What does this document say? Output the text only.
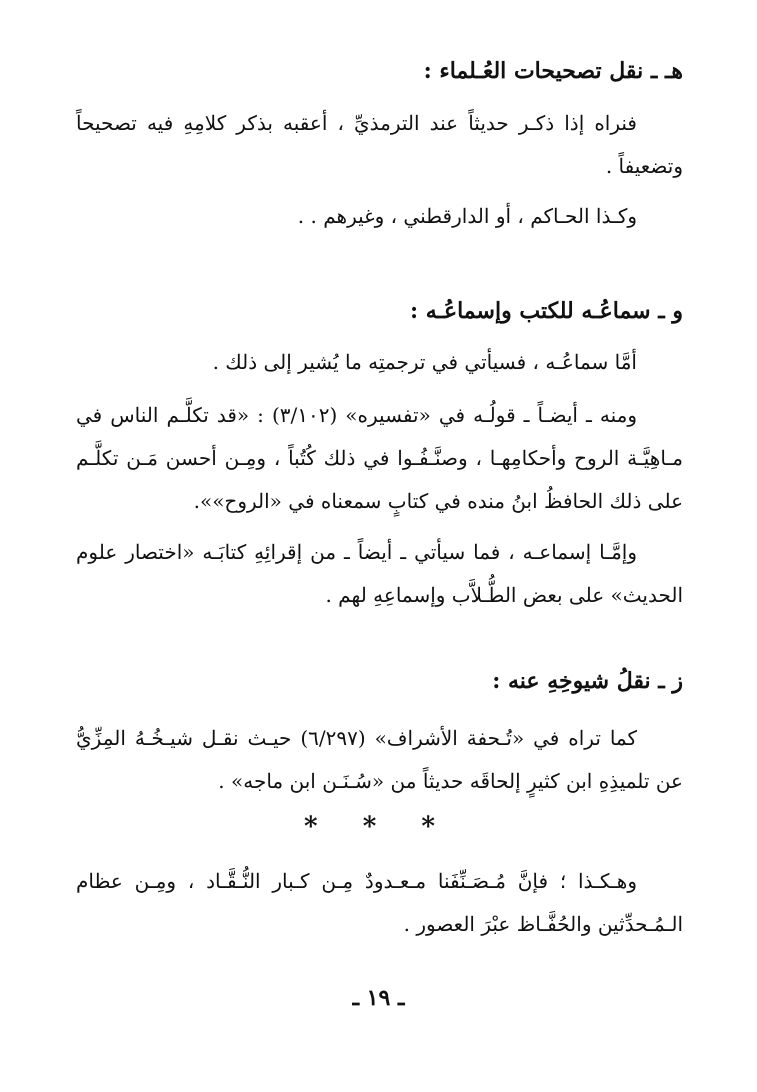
هـ ـ نقل تصحيحات العُـلماء :

فنراه إذا ذكـر حديثاً عند الترمذيِّ ، أعقبه بذكر كلامِهِ فيه تصحيحاً وتضعيفاً .

وكـذا الحـاكم ، أو الدارقطني ، وغيرهم . .

و ـ سماعُـه للكتب وإسماعُـه :

أمَّا سماعُـه ، فسيأتي في ترجمتِه ما يُشير إلى ذلك .

ومنه ـ أيضـاً ـ قولُـه في «تفسيره» (٣/١٠٢) : «قد تكلَّـم الناس في مـاهِيَّـة الروح وأحكامِهـا ، وصنَّـفُـوا في ذلك كُتُباً ، ومِـن أحسن مَـن تكلَّـم على ذلك الحافظُ ابنُ منده في كتابٍ سمعناه في «الروح»».

وإمَّـا إسماعـه ، فما سيأتي ـ أيضاً ـ من إقرائِهِ كتابَـه «اختصار علوم الحديث» على بعض الطُّـلاَّب وإسماعِهِ لهم .

ز ـ نقلُ شيوخِهِ عنه :

كما تراه في «تُـحفة الأشراف» (٦/٢٩٧) حيـث نقـل شيـخُـهُ المِزِّيُّ عن تلميذِهِ ابن كثيرٍ إلحاقَه حديثاً من «سُـنَـن ابن ماجه» .

* * *

وهـكـذا ؛ فإنَّ مُـصَـنِّفَنا مـعـدودٌ مِـن كـبار النُّـقَّـاد ، ومِـن عظام الـمُـحدِّثين والحُفَّـاظ عبْرَ العصور .

ـ ١٩ ـ
